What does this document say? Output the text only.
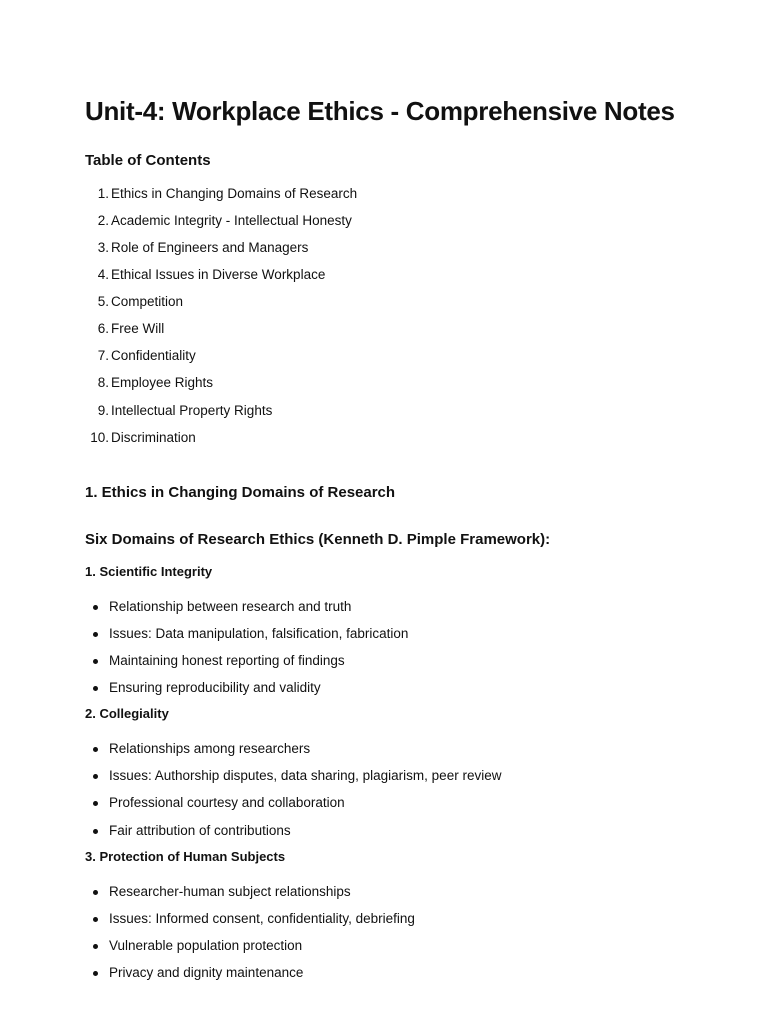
Unit-4: Workplace Ethics - Comprehensive Notes
Table of Contents
1. Ethics in Changing Domains of Research
2. Academic Integrity - Intellectual Honesty
3. Role of Engineers and Managers
4. Ethical Issues in Diverse Workplace
5. Competition
6. Free Will
7. Confidentiality
8. Employee Rights
9. Intellectual Property Rights
10. Discrimination
1. Ethics in Changing Domains of Research
Six Domains of Research Ethics (Kenneth D. Pimple Framework):
1. Scientific Integrity
Relationship between research and truth
Issues: Data manipulation, falsification, fabrication
Maintaining honest reporting of findings
Ensuring reproducibility and validity
2. Collegiality
Relationships among researchers
Issues: Authorship disputes, data sharing, plagiarism, peer review
Professional courtesy and collaboration
Fair attribution of contributions
3. Protection of Human Subjects
Researcher-human subject relationships
Issues: Informed consent, confidentiality, debriefing
Vulnerable population protection
Privacy and dignity maintenance
